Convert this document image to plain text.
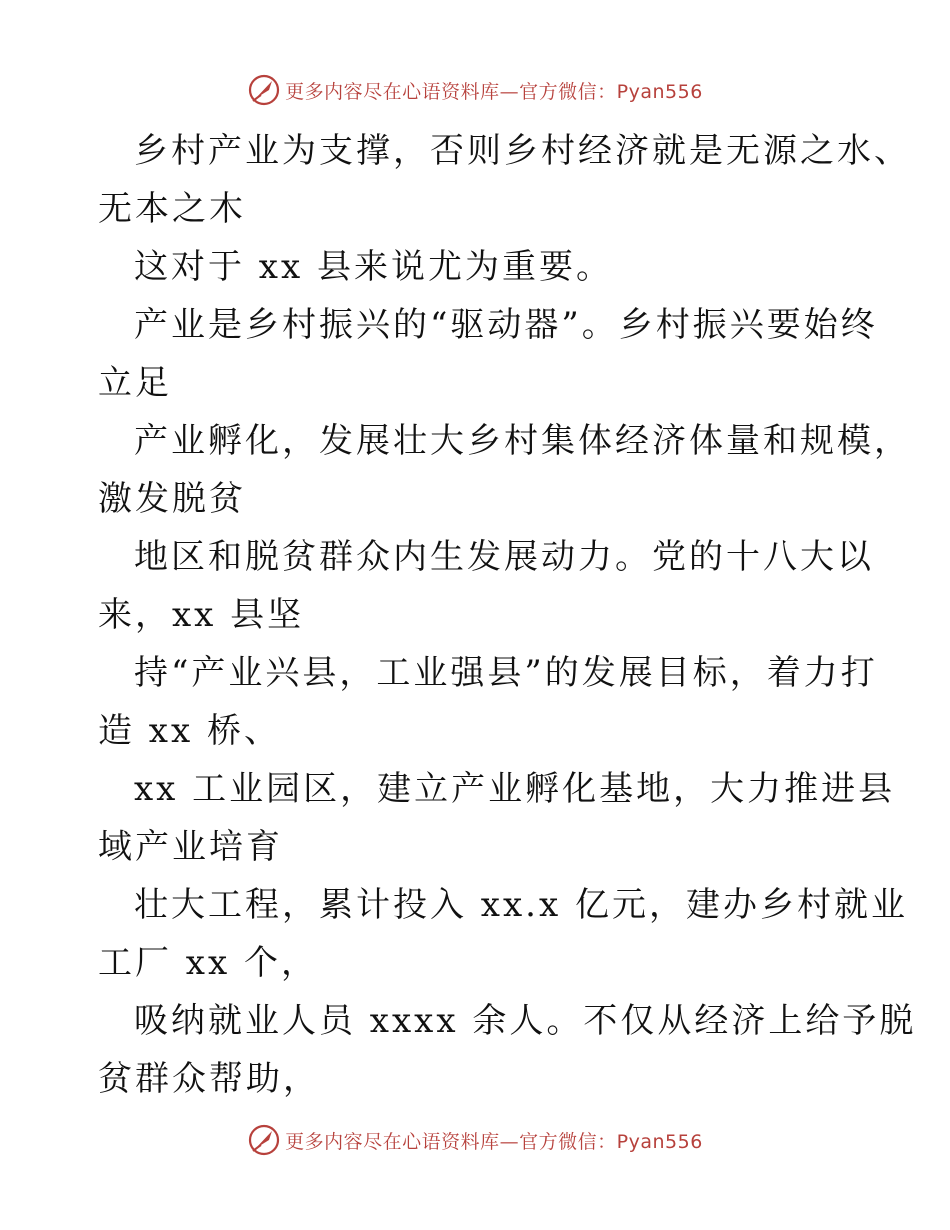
更多内容尽在心语资料库—官方微信：Pyan556
乡村产业为支撑，否则乡村经济就是无源之水、
无本之木
这对于 xx 县来说尤为重要。
产业是乡村振兴的“驱动器”。乡村振兴要始终
立足
产业孵化，发展壮大乡村集体经济体量和规模，
激发脱贫
地区和脱贫群众内生发展动力。党的十八大以
来，xx 县坚
持“产业兴县，工业强县”的发展目标，着力打
造 xx 桥、
xx 工业园区，建立产业孵化基地，大力推进县
域产业培育
壮大工程，累计投入 xx.x 亿元，建办乡村就业
工厂 xx 个，
吸纳就业人员 xxxx 余人。不仅从经济上给予脱
贫群众帮助，
更多内容尽在心语资料库—官方微信：Pyan556
